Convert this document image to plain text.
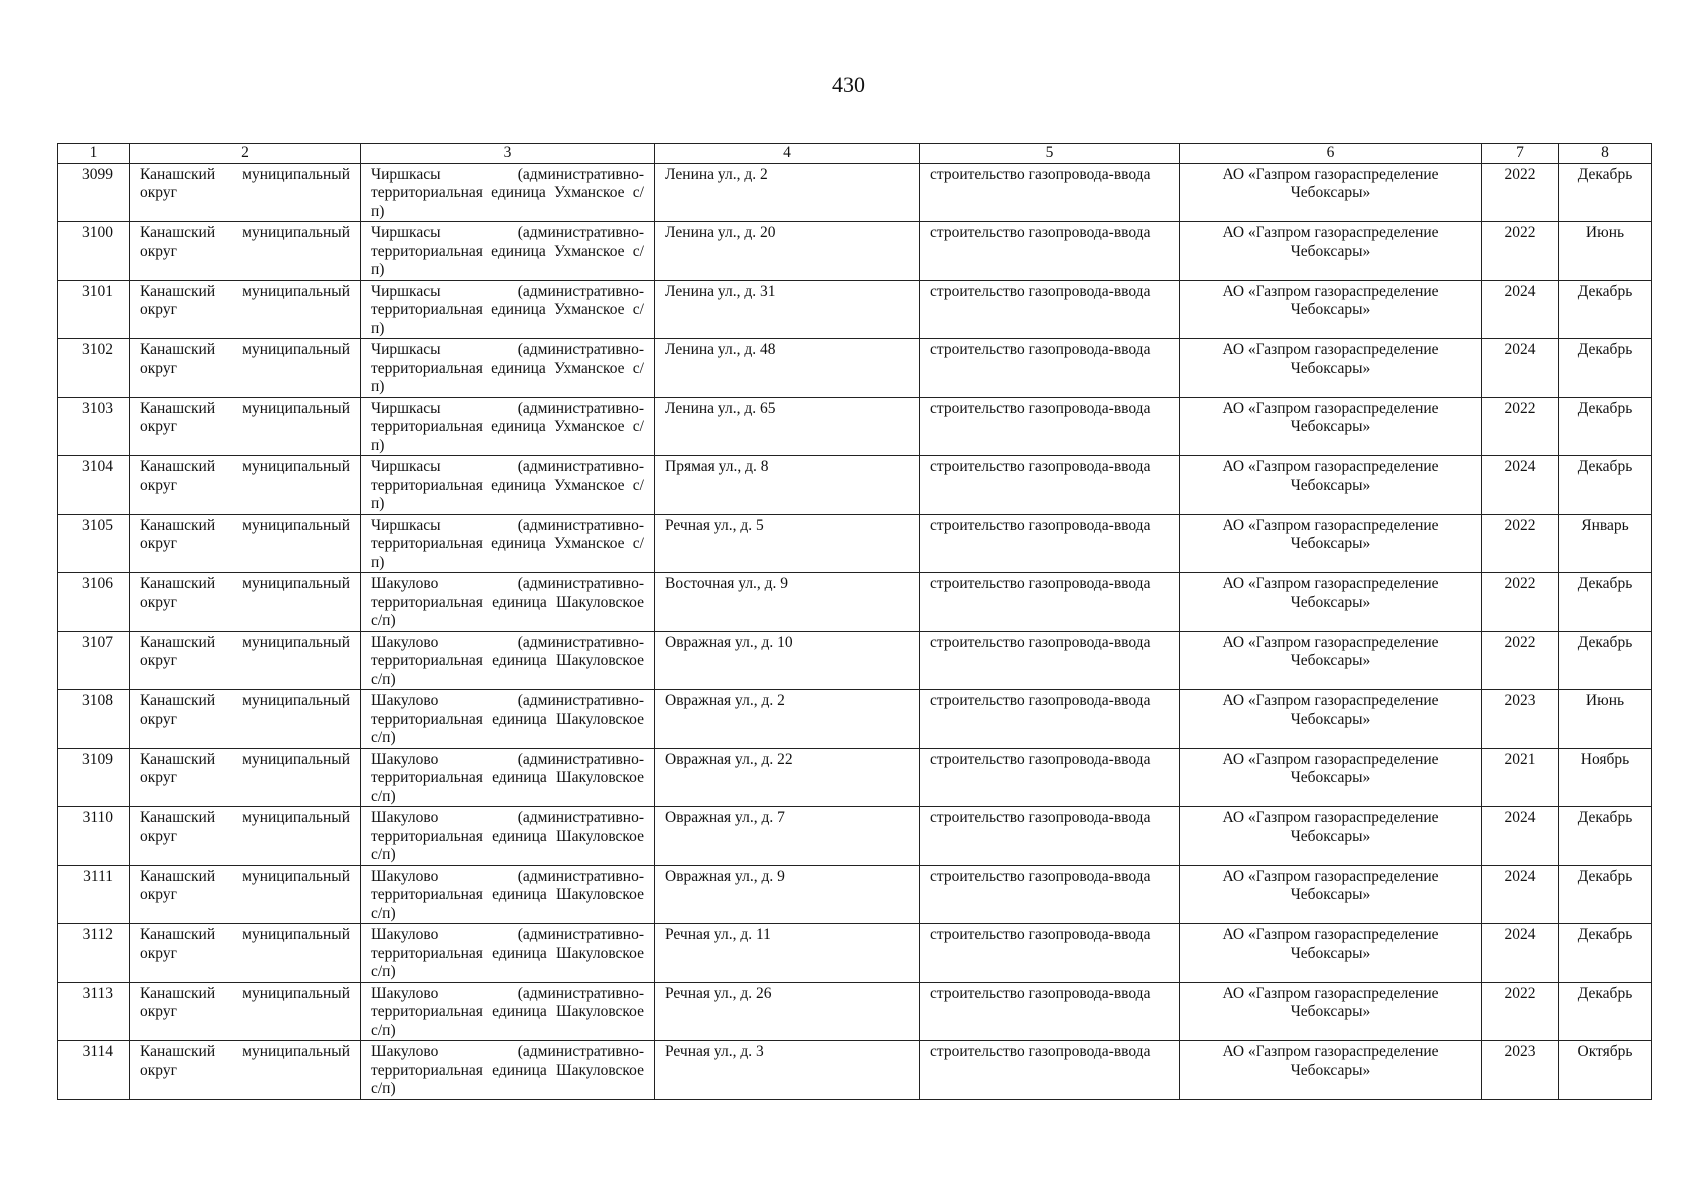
430
1	2	3	4	5	6	7	8
3099	Канашский муниципальный округ	Чиршкасы (административно-территориальная единица Ухманское с/п)	Ленина ул., д. 2	строительство газопровода-ввода	АО «Газпром газораспределение Чебоксары»	2022	Декабрь
3100	Канашский муниципальный округ	Чиршкасы (административно-территориальная единица Ухманское с/п)	Ленина ул., д. 20	строительство газопровода-ввода	АО «Газпром газораспределение Чебоксары»	2022	Июнь
3101	Канашский муниципальный округ	Чиршкасы (административно-территориальная единица Ухманское с/п)	Ленина ул., д. 31	строительство газопровода-ввода	АО «Газпром газораспределение Чебоксары»	2024	Декабрь
3102	Канашский муниципальный округ	Чиршкасы (административно-территориальная единица Ухманское с/п)	Ленина ул., д. 48	строительство газопровода-ввода	АО «Газпром газораспределение Чебоксары»	2024	Декабрь
3103	Канашский муниципальный округ	Чиршкасы (административно-территориальная единица Ухманское с/п)	Ленина ул., д. 65	строительство газопровода-ввода	АО «Газпром газораспределение Чебоксары»	2022	Декабрь
3104	Канашский муниципальный округ	Чиршкасы (административно-территориальная единица Ухманское с/п)	Прямая ул., д. 8	строительство газопровода-ввода	АО «Газпром газораспределение Чебоксары»	2024	Декабрь
3105	Канашский муниципальный округ	Чиршкасы (административно-территориальная единица Ухманское с/п)	Речная ул., д. 5	строительство газопровода-ввода	АО «Газпром газораспределение Чебоксары»	2022	Январь
3106	Канашский муниципальный округ	Шакулово (административно-территориальная единица Шакуловское с/п)	Восточная ул., д. 9	строительство газопровода-ввода	АО «Газпром газораспределение Чебоксары»	2022	Декабрь
3107	Канашский муниципальный округ	Шакулово (административно-территориальная единица Шакуловское с/п)	Овражная ул., д. 10	строительство газопровода-ввода	АО «Газпром газораспределение Чебоксары»	2022	Декабрь
3108	Канашский муниципальный округ	Шакулово (административно-территориальная единица Шакуловское с/п)	Овражная ул., д. 2	строительство газопровода-ввода	АО «Газпром газораспределение Чебоксары»	2023	Июнь
3109	Канашский муниципальный округ	Шакулово (административно-территориальная единица Шакуловское с/п)	Овражная ул., д. 22	строительство газопровода-ввода	АО «Газпром газораспределение Чебоксары»	2021	Ноябрь
3110	Канашский муниципальный округ	Шакулово (административно-территориальная единица Шакуловское с/п)	Овражная ул., д. 7	строительство газопровода-ввода	АО «Газпром газораспределение Чебоксары»	2024	Декабрь
3111	Канашский муниципальный округ	Шакулово (административно-территориальная единица Шакуловское с/п)	Овражная ул., д. 9	строительство газопровода-ввода	АО «Газпром газораспределение Чебоксары»	2024	Декабрь
3112	Канашский муниципальный округ	Шакулово (административно-территориальная единица Шакуловское с/п)	Речная ул., д. 11	строительство газопровода-ввода	АО «Газпром газораспределение Чебоксары»	2024	Декабрь
3113	Канашский муниципальный округ	Шакулово (административно-территориальная единица Шакуловское с/п)	Речная ул., д. 26	строительство газопровода-ввода	АО «Газпром газораспределение Чебоксары»	2022	Декабрь
3114	Канашский муниципальный округ	Шакулово (административно-территориальная единица Шакуловское с/п)	Речная ул., д. 3	строительство газопровода-ввода	АО «Газпром газораспределение Чебоксары»	2023	Октябрь
